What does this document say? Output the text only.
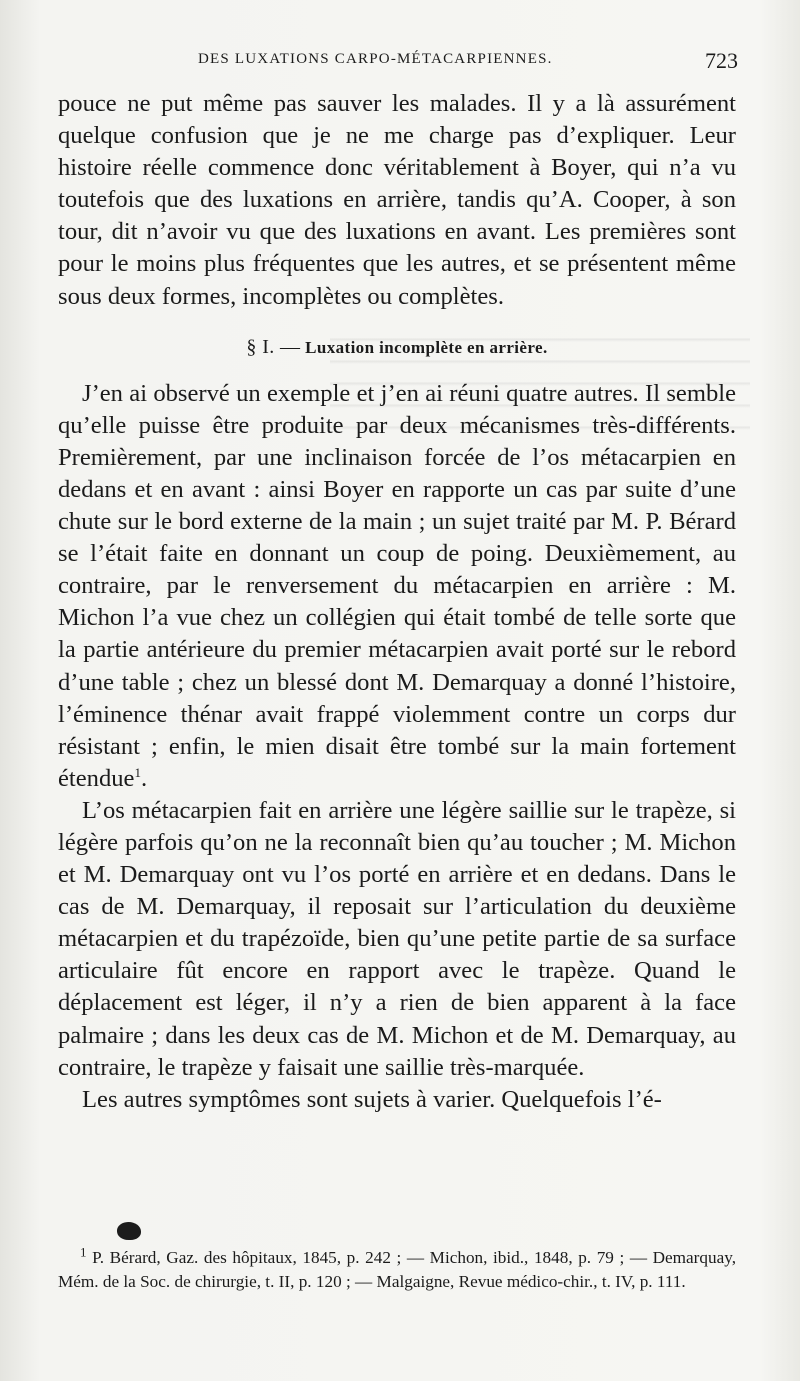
DES LUXATIONS CARPO-MÉTACARPIENNES.	723

pouce ne put même pas sauver les malades. Il y a là assurément quelque confusion que je ne me charge pas d’expliquer. Leur histoire réelle commence donc véritablement à Boyer, qui n’a vu toutefois que des luxations en arrière, tandis qu’A. Cooper, à son tour, dit n’avoir vu que des luxations en avant. Les premières sont pour le moins plus fréquentes que les autres, et se présentent même sous deux formes, incomplètes ou complètes.

§ I. — Luxation incomplète en arrière.

J’en ai observé un exemple et j’en ai réuni quatre autres. Il semble qu’elle puisse être produite par deux mécanismes très-différents. Premièrement, par une inclinaison forcée de l’os métacarpien en dedans et en avant : ainsi Boyer en rapporte un cas par suite d’une chute sur le bord externe de la main ; un sujet traité par M. P. Bérard se l’était faite en donnant un coup de poing. Deuxièmement, au contraire, par le renversement du métacarpien en arrière : M. Michon l’a vue chez un collégien qui était tombé de telle sorte que la partie antérieure du premier métacarpien avait porté sur le rebord d’une table ; chez un blessé dont M. Demarquay a donné l’histoire, l’éminence thénar avait frappé violemment contre un corps dur résistant ; enfin, le mien disait être tombé sur la main fortement étendue$^1$.

L’os métacarpien fait en arrière une légère saillie sur le trapèze, si légère parfois qu’on ne la reconnaît bien qu’au toucher ; M. Michon et M. Demarquay ont vu l’os porté en arrière et en dedans. Dans le cas de M. Demarquay, il reposait sur l’articulation du deuxième métacarpien et du trapézoïde, bien qu’une petite partie de sa surface articulaire fût encore en rapport avec le trapèze. Quand le déplacement est léger, il n’y a rien de bien apparent à la face palmaire ; dans les deux cas de M. Michon et de M. Demarquay, au contraire, le trapèze y faisait une saillie très-marquée.

Les autres symptômes sont sujets à varier. Quelquefois l’é-

$^1$ P. Bérard, Gaz. des hôpitaux, 1845, p. 242 ; — Michon, ibid., 1848, p. 79 ; — Demarquay, Mém. de la Soc. de chirurgie, t. II, p. 120 ; — Malgaigne, Revue médico-chir., t. IV, p. 111.
